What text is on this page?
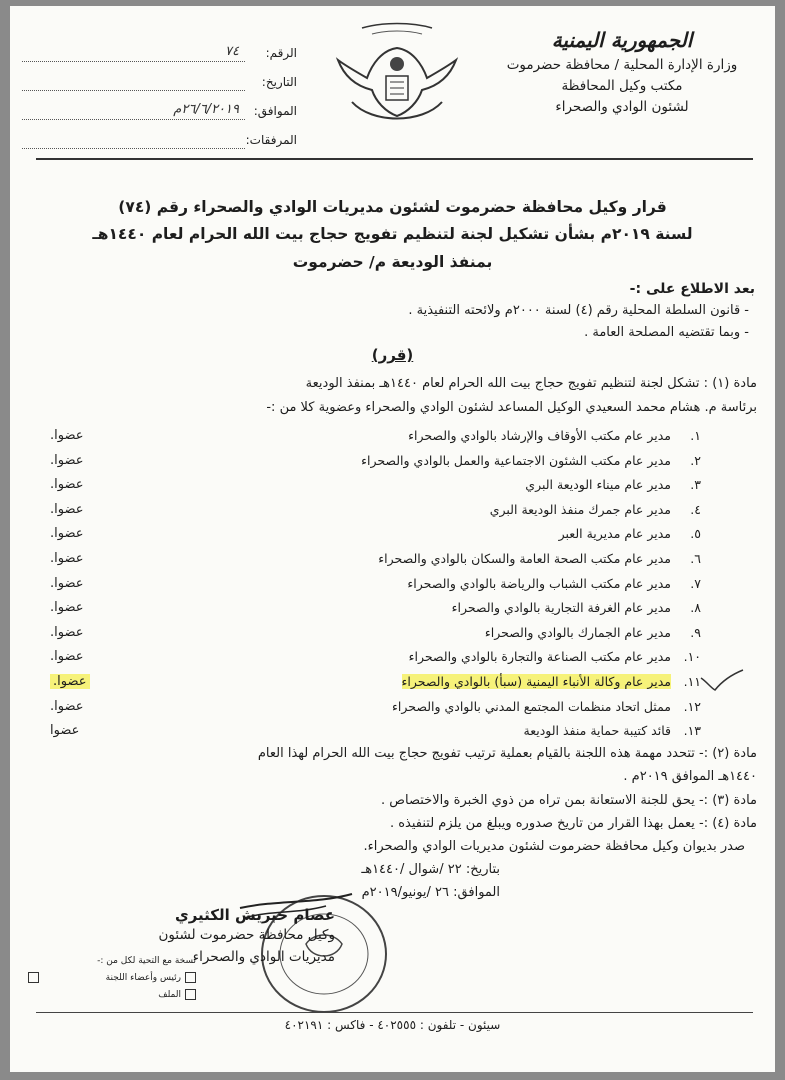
الجمهورية اليمنية
وزارة الإدارة المحلية / محافظة حضرموت
مكتب وكيل المحافظة
لشئون الوادي والصحراء
الرقم:
٧٤
التاريخ:
الموافق:
٢٦/٦/٢٠١٩م
المرفقات:
قرار وكيل محافظة حضرموت لشئون مديريات الوادي والصحراء رقم (٧٤)
لسنة ٢٠١٩م بشأن تشكيل لجنة لتنظيم تفويج حجاج بيت الله الحرام لعام ١٤٤٠هـ
بمنفذ الوديعة م/ حضرموت
بعد الاطلاع على :-
- قانون السلطة المحلية رقم (٤) لسنة ٢٠٠٠م ولائحته التنفيذية .
- وبما تقتضيه المصلحة العامة .
(قرر)
مادة (١) : تشكل لجنة لتنظيم تفويج حجاج بيت الله الحرام لعام ١٤٤٠هـ بمنفذ الوديعة
برئاسة م. هشام محمد السعيدي الوكيل المساعد لشئون الوادي والصحراء وعضوية كلا من :-
١.
مدير عام مكتب الأوقاف والإرشاد بالوادي والصحراء
عضوا.
٢.
مدير عام مكتب الشئون الاجتماعية والعمل بالوادي والصحراء
عضوا.
٣.
مدير عام ميناء الوديعة البري
عضوا.
٤.
مدير عام جمرك منفذ الوديعة البري
عضوا.
٥.
مدير عام مديرية العبر
عضوا.
٦.
مدير عام مكتب الصحة العامة والسكان بالوادي والصحراء
عضوا.
٧.
مدير عام مكتب الشباب والرياضة بالوادي والصحراء
عضوا.
٨.
مدير عام الغرفة التجارية بالوادي والصحراء
عضوا.
٩.
مدير عام الجمارك بالوادي والصحراء
عضوا.
١٠.
مدير عام مكتب الصناعة والتجارة بالوادي والصحراء
عضوا.
١١.
مدير عام وكالة الأنباء اليمنية (سبأ) بالوادي والصحراء
عضوا.
١٢.
ممثل اتحاد منظمات المجتمع المدني بالوادي والصحراء
عضوا.
١٣.
قائد كتيبة حماية منفذ الوديعة
عضوا
مادة (٢) :- تتحدد مهمة هذه اللجنة بالقيام بعملية ترتيب تفويج حجاج بيت الله الحرام لهذا العام
١٤٤٠هـ الموافق ٢٠١٩م .
مادة (٣) :- يحق للجنة الاستعانة بمن تراه من ذوي الخبرة والاختصاص .
مادة (٤) :- يعمل بهذا القرار من تاريخ صدوره ويبلغ من يلزم لتنفيذه .
صدر بديوان وكيل محافظة حضرموت لشئون مديريات الوادي والصحراء.
بتاريخ: ٢٢ /شوال /١٤٤٠هـ
الموافق: ٢٦ /يونيو/٢٠١٩م
عصام حبريش الكثيري
وكيل محافظة حضرموت لشئون
مديريات الوادي والصحراء
نسخة مع التحية لكل من :-
رئيس وأعضاء اللجنة
الملف
سيئون - تلفون : ٤٠٢٥٥٥ - فاكس : ٤٠٢١٩١
